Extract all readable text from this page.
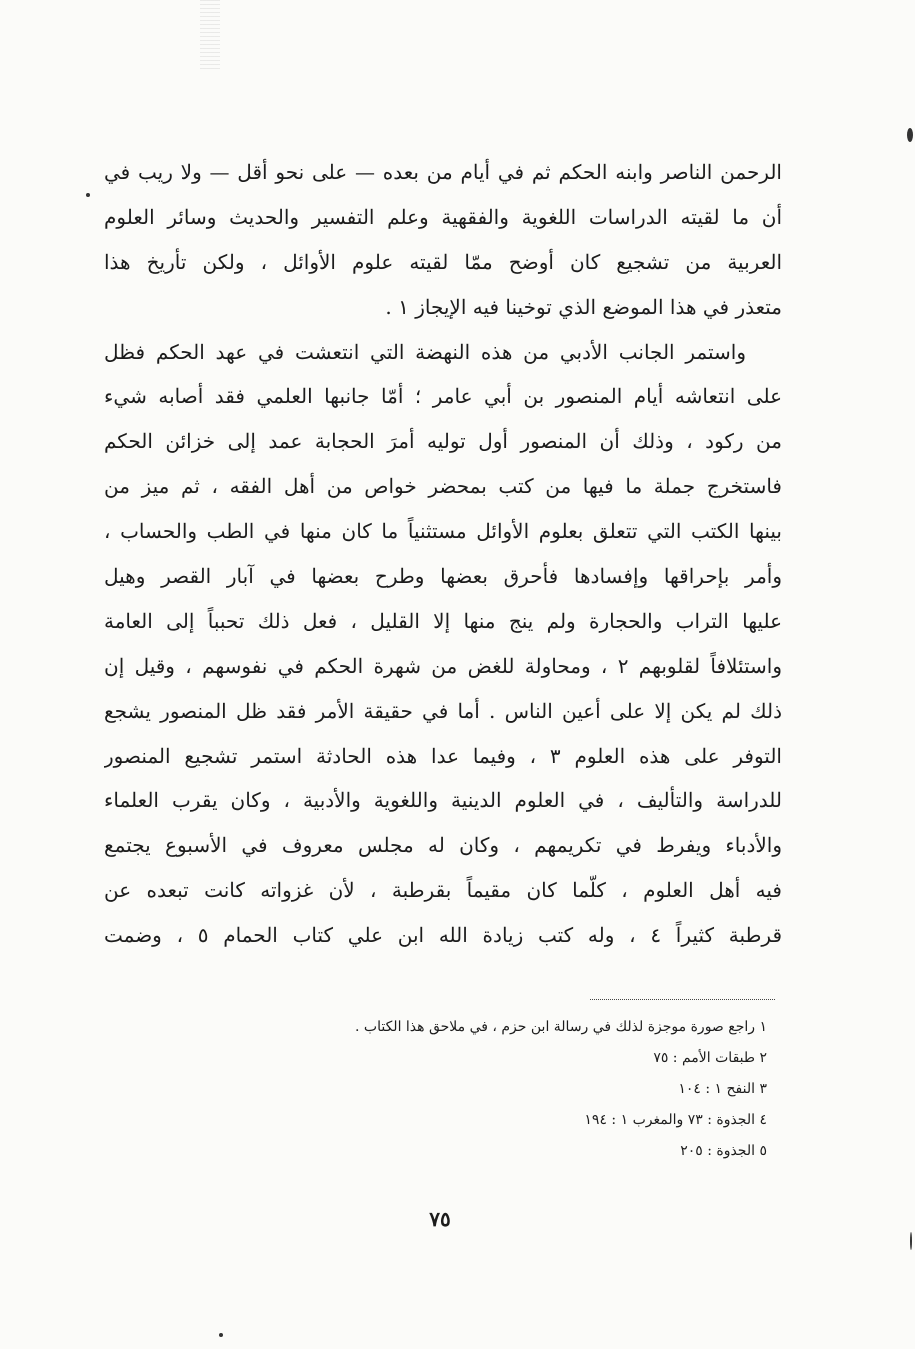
الرحمن الناصر وابنه الحكم ثم في أيام من بعده — على نحو أقل — ولا ريب في
أن ما لقيته الدراسات اللغوية والفقهية وعلم التفسير والحديث وسائر العلوم
العربية من تشجيع كان أوضح ممّا لقيته علوم الأوائل ، ولكن تأريخ هذا
متعذر في هذا الموضع الذي توخينا فيه الإيجاز ١ .
واستمر الجانب الأدبي من هذه النهضة التي انتعشت في عهد الحكم فظل
على انتعاشه أيام المنصور بن أبي عامر ؛ أمّا جانبها العلمي فقد أصابه شيء
من ركود ، وذلك أن المنصور أول توليه أمرَ الحجابة عمد إلى خزائن الحكم
فاستخرج جملة ما فيها من كتب بمحضر خواص من أهل الفقه ، ثم ميز من
بينها الكتب التي تتعلق بعلوم الأوائل مستثنياً ما كان منها في الطب والحساب ،
وأمر بإحراقها وإفسادها فأحرق بعضها وطرح بعضها في آبار القصر وهيل
عليها التراب والحجارة ولم ينج منها إلا القليل ، فعل ذلك تحبباً إلى العامة
واستئلافاً لقلوبهم ٢ ، ومحاولة للغض من شهرة الحكم في نفوسهم ، وقيل إن
ذلك لم يكن إلا على أعين الناس . أما في حقيقة الأمر فقد ظل المنصور يشجع
التوفر على هذه العلوم ٣ ، وفيما عدا هذه الحادثة استمر تشجيع المنصور
للدراسة والتأليف ، في العلوم الدينية واللغوية والأدبية ، وكان يقرب العلماء
والأدباء ويفرط في تكريمهم ، وكان له مجلس معروف في الأسبوع يجتمع
فيه أهل العلوم ، كلّما كان مقيماً بقرطبة ، لأن غزواته كانت تبعده عن
قرطبة كثيراً ٤ ، وله كتب زيادة الله ابن علي كتاب الحمام ٥ ، وضمت
١ راجع صورة موجزة لذلك في رسالة ابن حزم ، في ملاحق هذا الكتاب .
٢ طبقات الأمم : ٧٥
٣ النفح ١ : ١٠٤
٤ الجذوة : ٧٣ والمغرب ١ : ١٩٤
٥ الجذوة : ٢٠٥
٧٥
